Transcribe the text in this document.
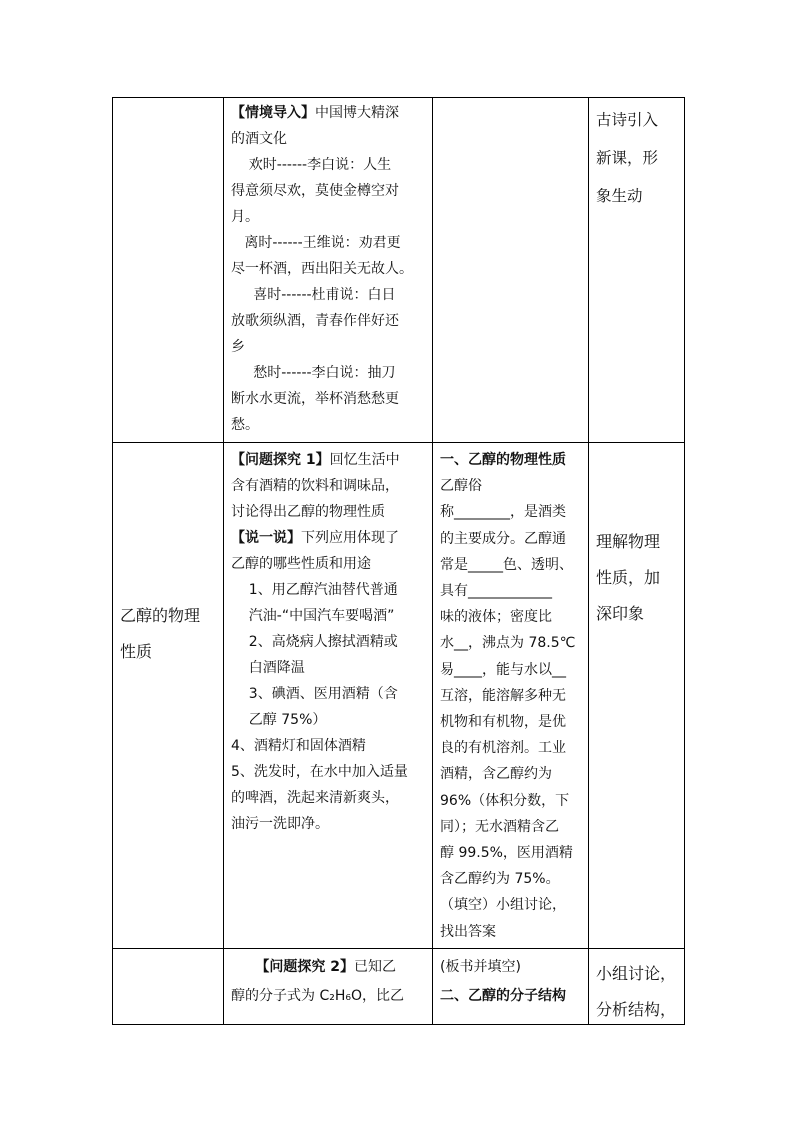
【情境导入】中国博大精深

的酒文化

欢时------李白说：人生

得意须尽欢，莫使金樽空对

月。

离时------王维说：劝君更

尽一杯酒，西出阳关无故人。

喜时------杜甫说：白日

放歌须纵酒，青春作伴好还

乡

愁时------李白说：抽刀

断水水更流，举杯消愁愁更

愁。

古诗引入

新课，形

象生动

乙醇的物理

性质

【问题探究 1】回忆生活中

含有酒精的饮料和调味品，

讨论得出乙醇的物理性质

【说一说】下列应用体现了

乙醇的哪些性质和用途

1、用乙醇汽油替代普通

汽油-“中国汽车要喝酒”

2、高烧病人擦拭酒精或

白酒降温

3、碘酒、医用酒精（含

乙醇 75%）

4、酒精灯和固体酒精

5、洗发时，在水中加入适量

的啤酒，洗起来清新爽头，

油污一洗即净。

一、乙醇的物理性质

乙醇俗

称________，是酒类

的主要成分。乙醇通

常是_____色、透明、

具有____________

味的液体；密度比

水__，沸点为 78.5℃

易____，能与水以__

互溶，能溶解多种无

机物和有机物，是优

良的有机溶剂。工业

酒精，含乙醇约为

96%（体积分数，下

同）；无水酒精含乙

醇 99.5%，医用酒精

含乙醇约为 75%。

（填空）小组讨论，

找出答案

理解物理

性质，加

深印象

【问题探究 2】已知乙

醇的分子式为 C₂H₆O，比乙

(板书并填空)

二、乙醇的分子结构

小组讨论，

分析结构，
